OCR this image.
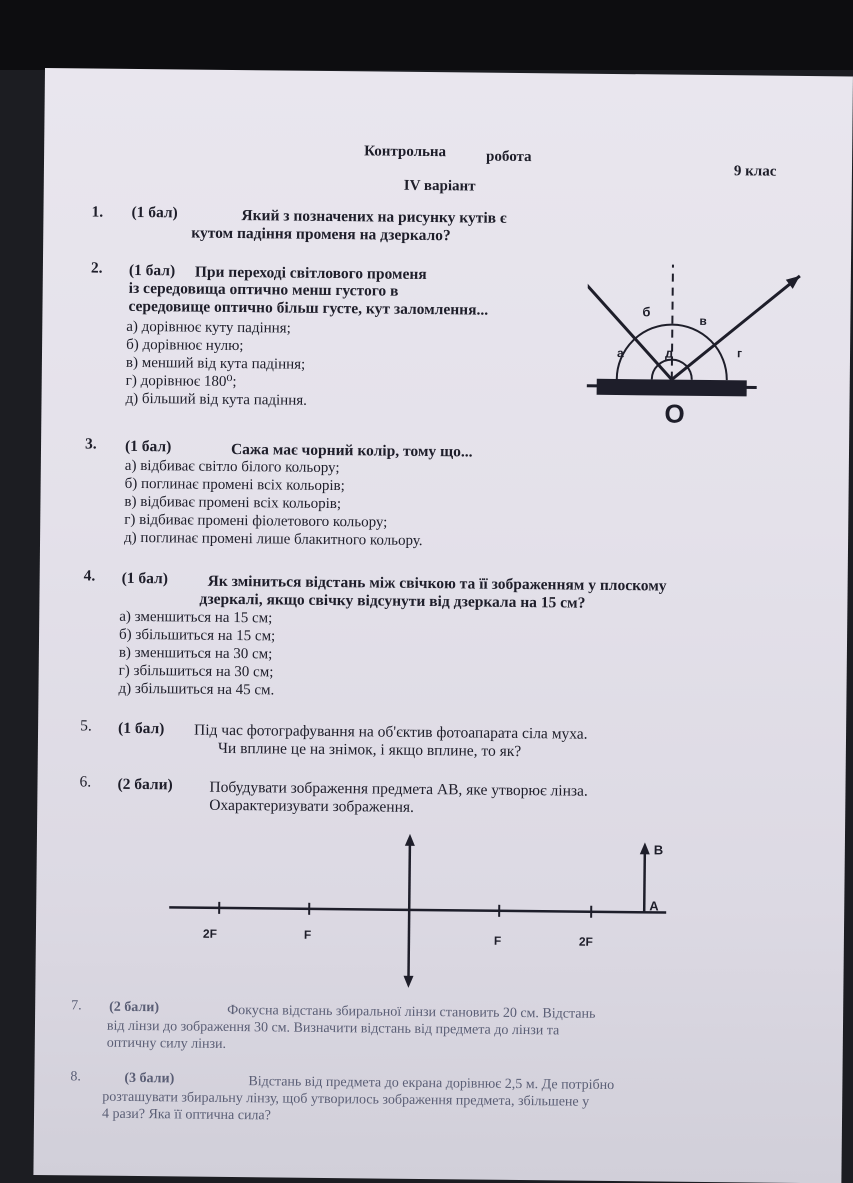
Контрольна	робота
9 клас
IV варіант
1. (1 бал)	Який з позначених на рисунку кутів є
кутом падіння променя на дзеркало?
2. (1 бал) При переході світлового променя
із середовища оптично менш густого в
середовище оптично більш густе, кут заломлення...
а) дорівнює куту падіння;
б) дорівнює нулю;
в) менший від кута падіння;
г) дорівнює 180⁰;
д) більший від кута падіння.
б
в
а	д	г
O
3. (1 бал)	Сажа має чорний колір, тому що...
а) відбиває світло білого кольору;
б) поглинає промені всіх кольорів;
в) відбиває промені всіх кольорів;
г) відбиває промені фіолетового кольору;
д) поглинає промені лише блакитного кольору.
4. (1 бал)	Як зміниться відстань між свічкою та її зображенням у плоскому
дзеркалі, якщо свічку відсунути від дзеркала на 15 см?
а) зменшиться на 15 см;
б) збільшиться на 15 см;
в) зменшиться на 30 см;
г) збільшиться на 30 см;
д) збільшиться на 45 см.
5. (1 бал) Під час фотографування на об'єктив фотоапарата сіла муха.
Чи вплине це на знімок, і якщо вплине, то як?
6. (2 бали) Побудувати зображення предмета AB, яке утворює лінза.
Охарактеризувати зображення.
2F	F	F	2F
B
A
7. (2 бали)	Фокусна відстань збиральної лінзи становить 20 см. Відстань
від лінзи до зображення 30 см. Визначити відстань від предмета до лінзи та
оптичну силу лінзи.
8.	(3 бали)	Відстань від предмета до екрана дорівнює 2,5 м. Де потрібно
розташувати збиральну лінзу, щоб утворилось зображення предмета, збільшене у
4 рази? Яка її оптична сила?
